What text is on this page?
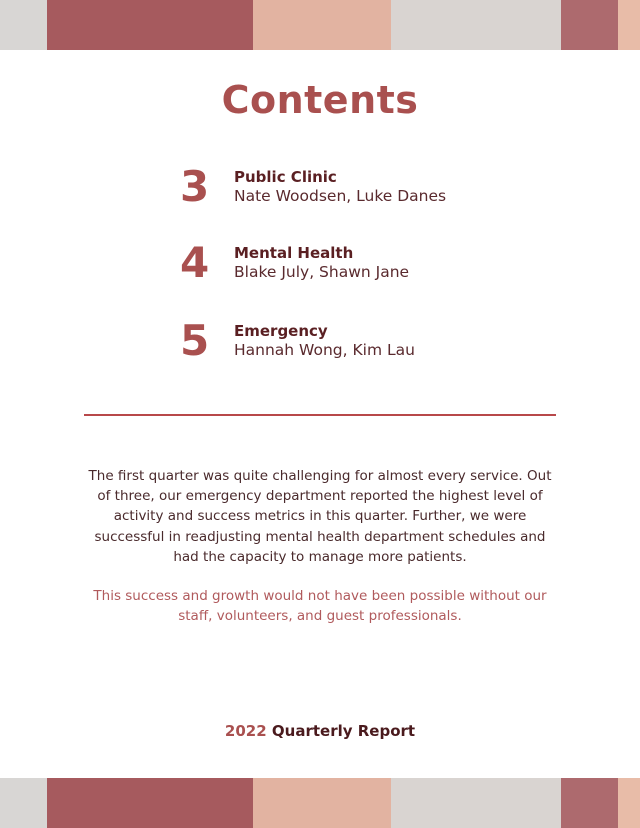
Contents
3	Public Clinic
Nate Woodsen, Luke Danes
4	Mental Health
Blake July, Shawn Jane
5	Emergency
Hannah Wong, Kim Lau

The first quarter was quite challenging for almost every service. Out of three, our emergency department reported the highest level of activity and success metrics in this quarter. Further, we were successful in readjusting mental health department schedules and had the capacity to manage more patients.

This success and growth would not have been possible without our staff, volunteers, and guest professionals.

2022 Quarterly Report
